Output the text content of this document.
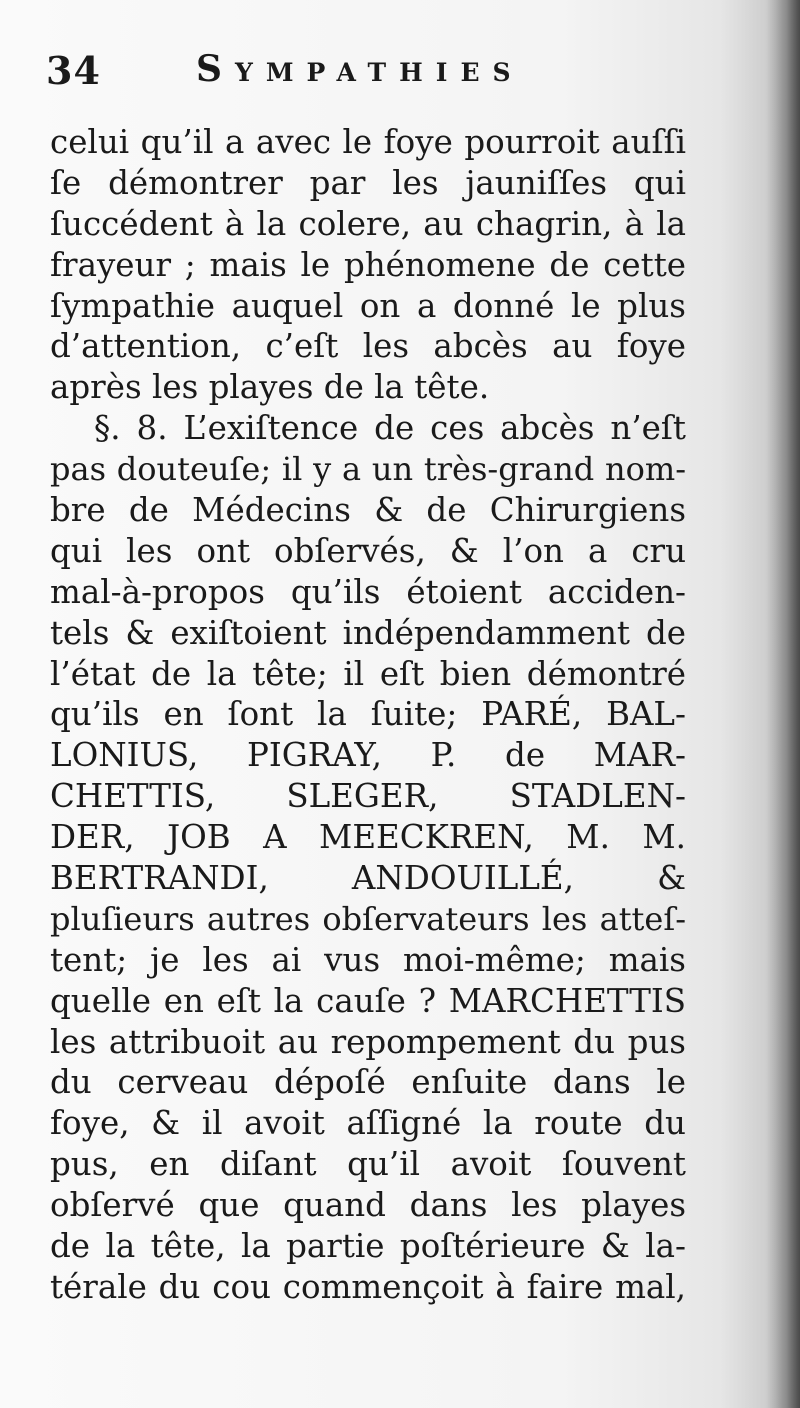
34	Sympathies
celui qu’il a avec le foye pourroit auſſi
ſe démontrer par les jauniſſes qui
ſuccédent à la colere, au chagrin, à la
frayeur ; mais le phénomene de cette
ſympathie auquel on a donné le plus
d’attention, c’eſt les abcès au foye
après les playes de la tête.
§. 8. L’exiſtence de ces abcès n’eſt
pas douteuſe; il y a un très-grand nom-
bre de Médecins & de Chirurgiens
qui les ont obſervés, & l’on a cru
mal-à-propos qu’ils étoient acciden-
tels & exiſtoient indépendamment de
l’état de la tête; il eſt bien démontré
qu’ils en ſont la ſuite; PARÉ, BAL-
LONIUS, PIGRAY, P. de MAR-
CHETTIS, SLEGER, STADLEN-
DER, JOB A MEECKREN, M. M.
BERTRANDI, ANDOUILLÉ, &
pluſieurs autres obſervateurs les atteſ-
tent; je les ai vus moi-même; mais
quelle en eſt la cauſe ? MARCHETTIS
les attribuoit au repompement du pus
du cerveau dépoſé enſuite dans le
foye, & il avoit aſſigné la route du
pus, en diſant qu’il avoit ſouvent
obſervé que quand dans les playes
de la tête, la partie poſtérieure & la-
térale du cou commençoit à faire mal,
